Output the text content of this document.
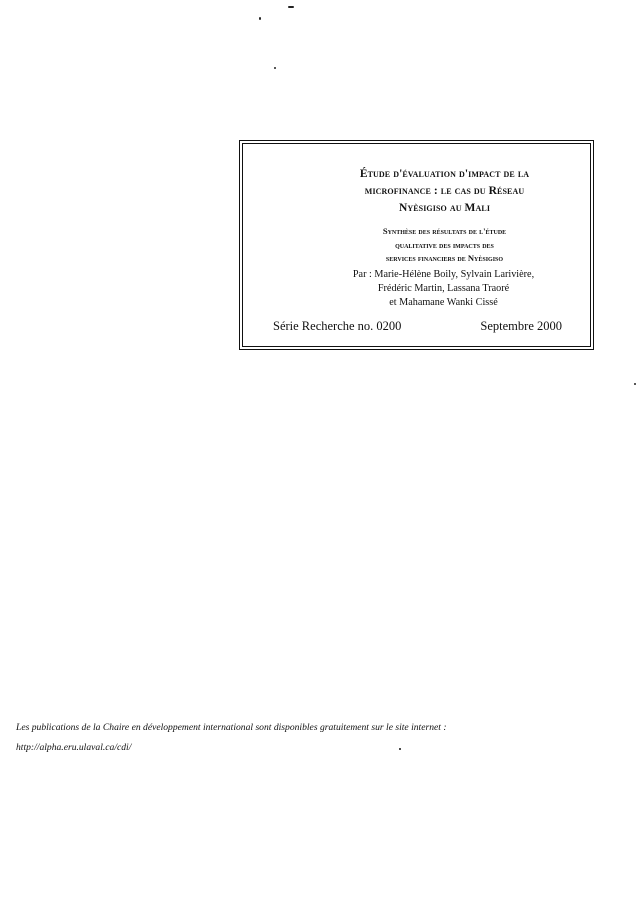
Étude d'évaluation d'impact de la
microfinance : le cas du Réseau
Nyèsigiso au Mali
Synthèse des résultats de l'étude
qualitative des impacts des
services financiers de Nyèsigiso
Par : Marie-Hélène Boily, Sylvain Larivière,
Frédéric Martin, Lassana Traoré
et Mahamane Wanki Cissé
Série Recherche no. 0200	Septembre 2000
Les publications de la Chaire en développement international sont disponibles gratuitement sur le site internet :
http://alpha.eru.ulaval.ca/cdi/
